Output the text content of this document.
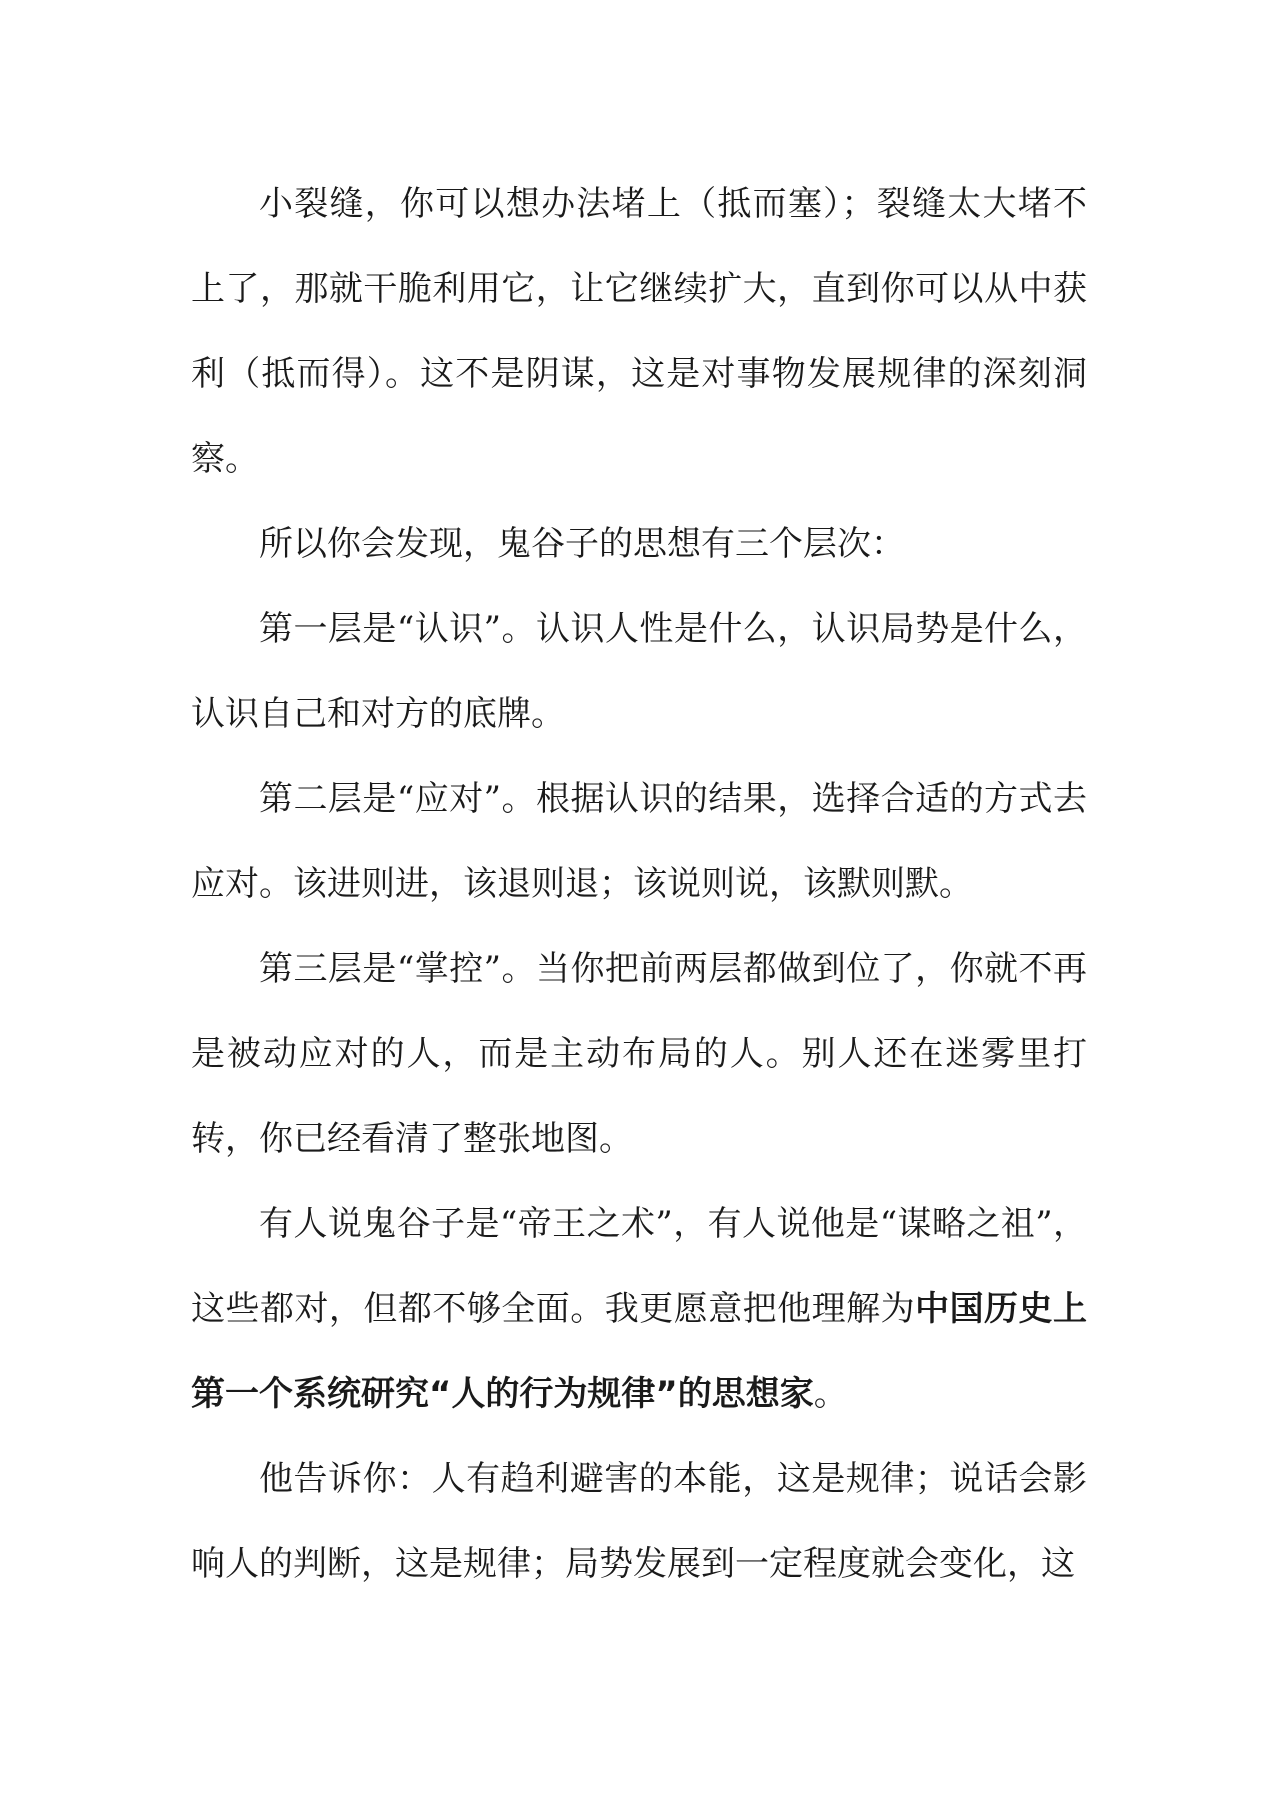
小裂缝，你可以想办法堵上（抵而塞）；裂缝太大堵不上了，那就干脆利用它，让它继续扩大，直到你可以从中获利（抵而得）。这不是阴谋，这是对事物发展规律的深刻洞察。

所以你会发现，鬼谷子的思想有三个层次：

第一层是“认识”。认识人性是什么，认识局势是什么，认识自己和对方的底牌。

第二层是“应对”。根据认识的结果，选择合适的方式去应对。该进则进，该退则退；该说则说，该默则默。

第三层是“掌控”。当你把前两层都做到位了，你就不再是被动应对的人，而是主动布局的人。别人还在迷雾里打转，你已经看清了整张地图。

有人说鬼谷子是“帝王之术”，有人说他是“谋略之祖”，这些都对，但都不够全面。我更愿意把他理解为中国历史上第一个系统研究“人的行为规律”的思想家。

他告诉你：人有趋利避害的本能，这是规律；说话会影响人的判断，这是规律；局势发展到一定程度就会变化，这
